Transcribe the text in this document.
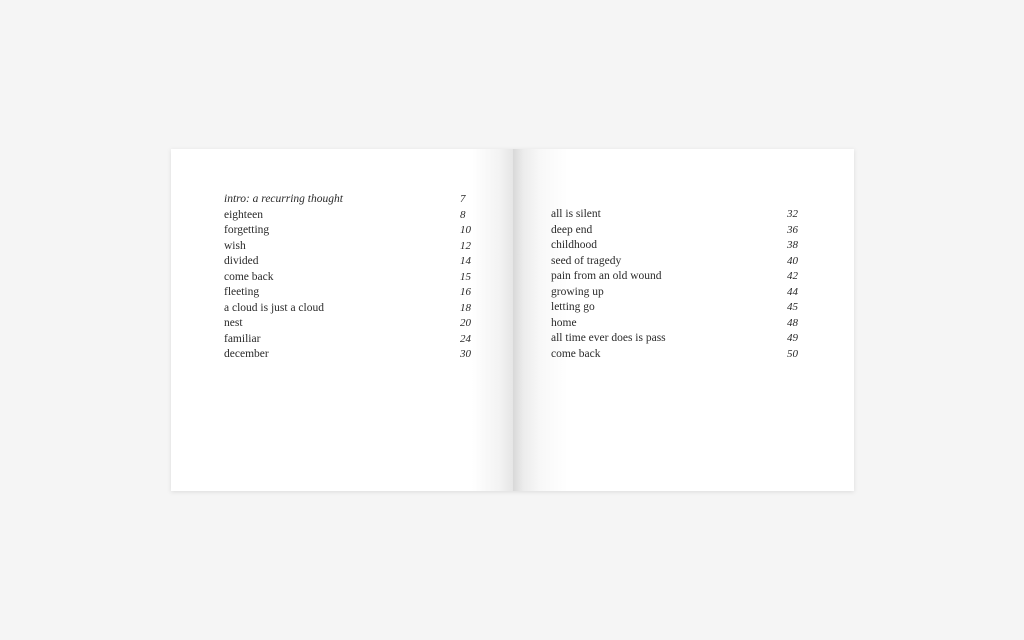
intro: a recurring thought	7
eighteen	8
forgetting	10
wish	12
divided	14
come back	15
fleeting	16
a cloud is just a cloud	18
nest	20
familiar	24
december	30
all is silent	32
deep end	36
childhood	38
seed of tragedy	40
pain from an old wound	42
growing up	44
letting go	45
home	48
all time ever does is pass	49
come back	50
